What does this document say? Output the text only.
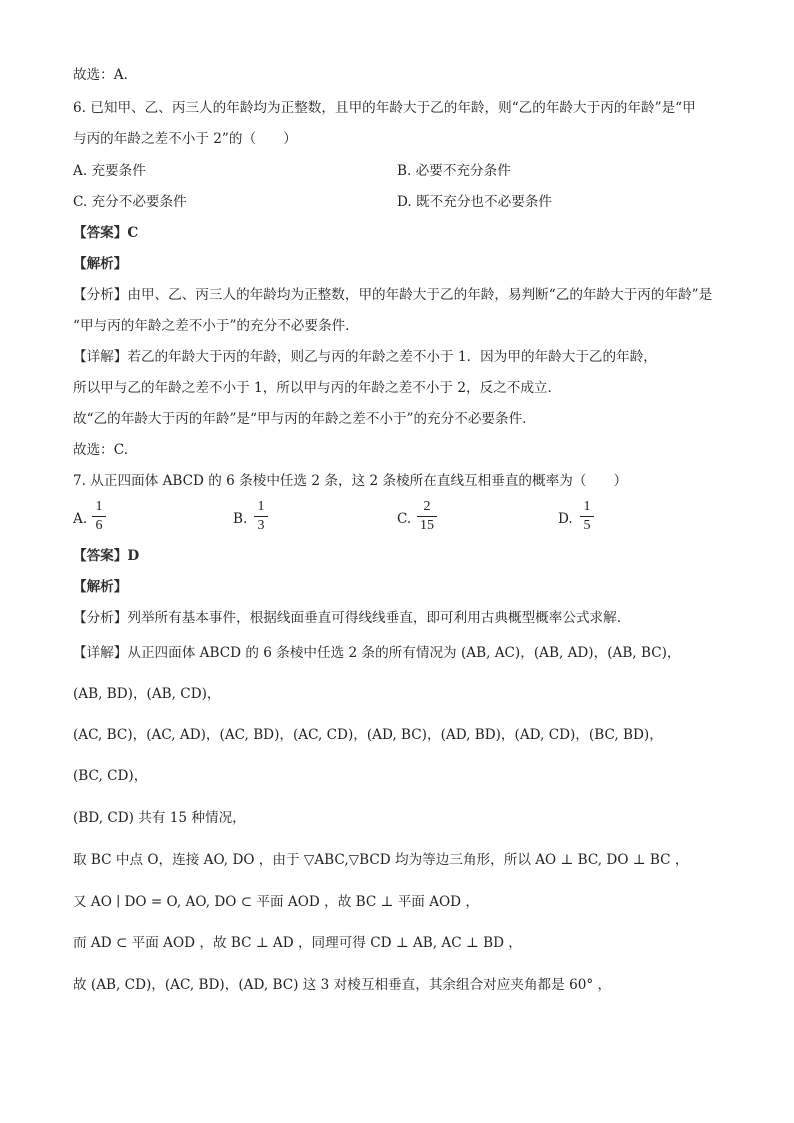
故选：A.
6. 已知甲、乙、丙三人的年龄均为正整数，且甲的年龄大于乙的年龄，则“乙的年龄大于丙的年龄”是“甲
与丙的年龄之差不小于 2”的（　　）
A. 充要条件	B. 必要不充分条件
C. 充分不必要条件	D. 既不充分也不必要条件
【答案】C
【解析】
【分析】由甲、乙、丙三人的年龄均为正整数，甲的年龄大于乙的年龄，易判断“乙的年龄大于丙的年龄”是
“甲与丙的年龄之差不小于”的充分不必要条件.
【详解】若乙的年龄大于丙的年龄，则乙与丙的年龄之差不小于 1．因为甲的年龄大于乙的年龄，
所以甲与乙的年龄之差不小于 1，所以甲与丙的年龄之差不小于 2，反之不成立．
故“乙的年龄大于丙的年龄”是“甲与丙的年龄之差不小于”的充分不必要条件．
故选：C.
7. 从正四面体 ABCD 的 6 条棱中任选 2 条，这 2 条棱所在直线互相垂直的概率为（　　）
A.
1
6	B.
1
3	C.
2
15	D.
1
5
【答案】D
【解析】
【分析】列举所有基本事件，根据线面垂直可得线线垂直，即可利用古典概型概率公式求解.
【详解】从正四面体 ABCD 的 6 条棱中任选 2 条的所有情况为 (AB, AC)，(AB, AD)，(AB, BC)，
(AB, BD)，(AB, CD)，
(AC, BC)，(AC, AD)，(AC, BD)，(AC, CD)，(AD, BC)，(AD, BD)，(AD, CD)，(BC, BD)，
(BC, CD)，
(BD, CD) 共有 15 种情况，
取 BC 中点 O，连接 AO, DO ，由于 ▽ABC,▽BCD 均为等边三角形，所以 AO ⊥ BC, DO ⊥ BC ，
又 AO ∣ DO = O, AO, DO ⊂ 平面 AOD ，故 BC ⊥ 平面 AOD ，
而 AD ⊂ 平面 AOD ，故 BC ⊥ AD ，同理可得 CD ⊥ AB, AC ⊥ BD ，
故 (AB, CD)，(AC, BD)，(AD, BC) 这 3 对棱互相垂直，其余组合对应夹角都是 60° ，
